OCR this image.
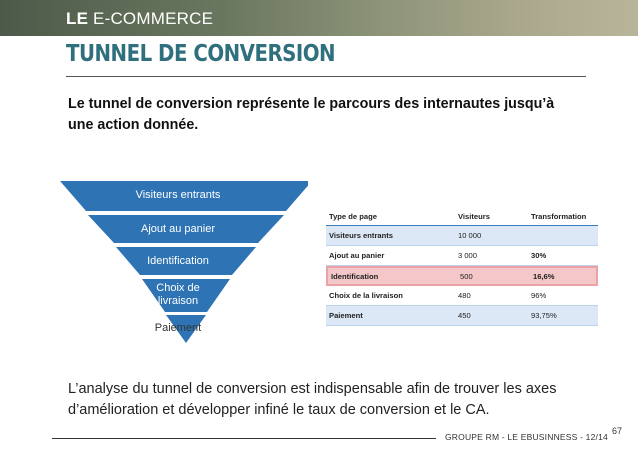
LE E-COMMERCE
TUNNEL DE CONVERSION
Le tunnel de conversion représente le parcours des internautes jusqu’à une action donnée.
Visiteurs entrants
Ajout au panier
Identification
Choix de
livraison
Paiement
Type de page	Visiteurs	Transformation
Visiteurs entrants	10 000
Ajout au panier	3 000	30%
Identification	500	16,6%
Choix de la livraison	480	96%
Paiement	450	93,75%
L’analyse du tunnel de conversion est indispensable afin de trouver les axes d’amélioration et développer infiné le taux de conversion et le CA.
GROUPE RM - LE EBUSINNESS - 12/14
67
